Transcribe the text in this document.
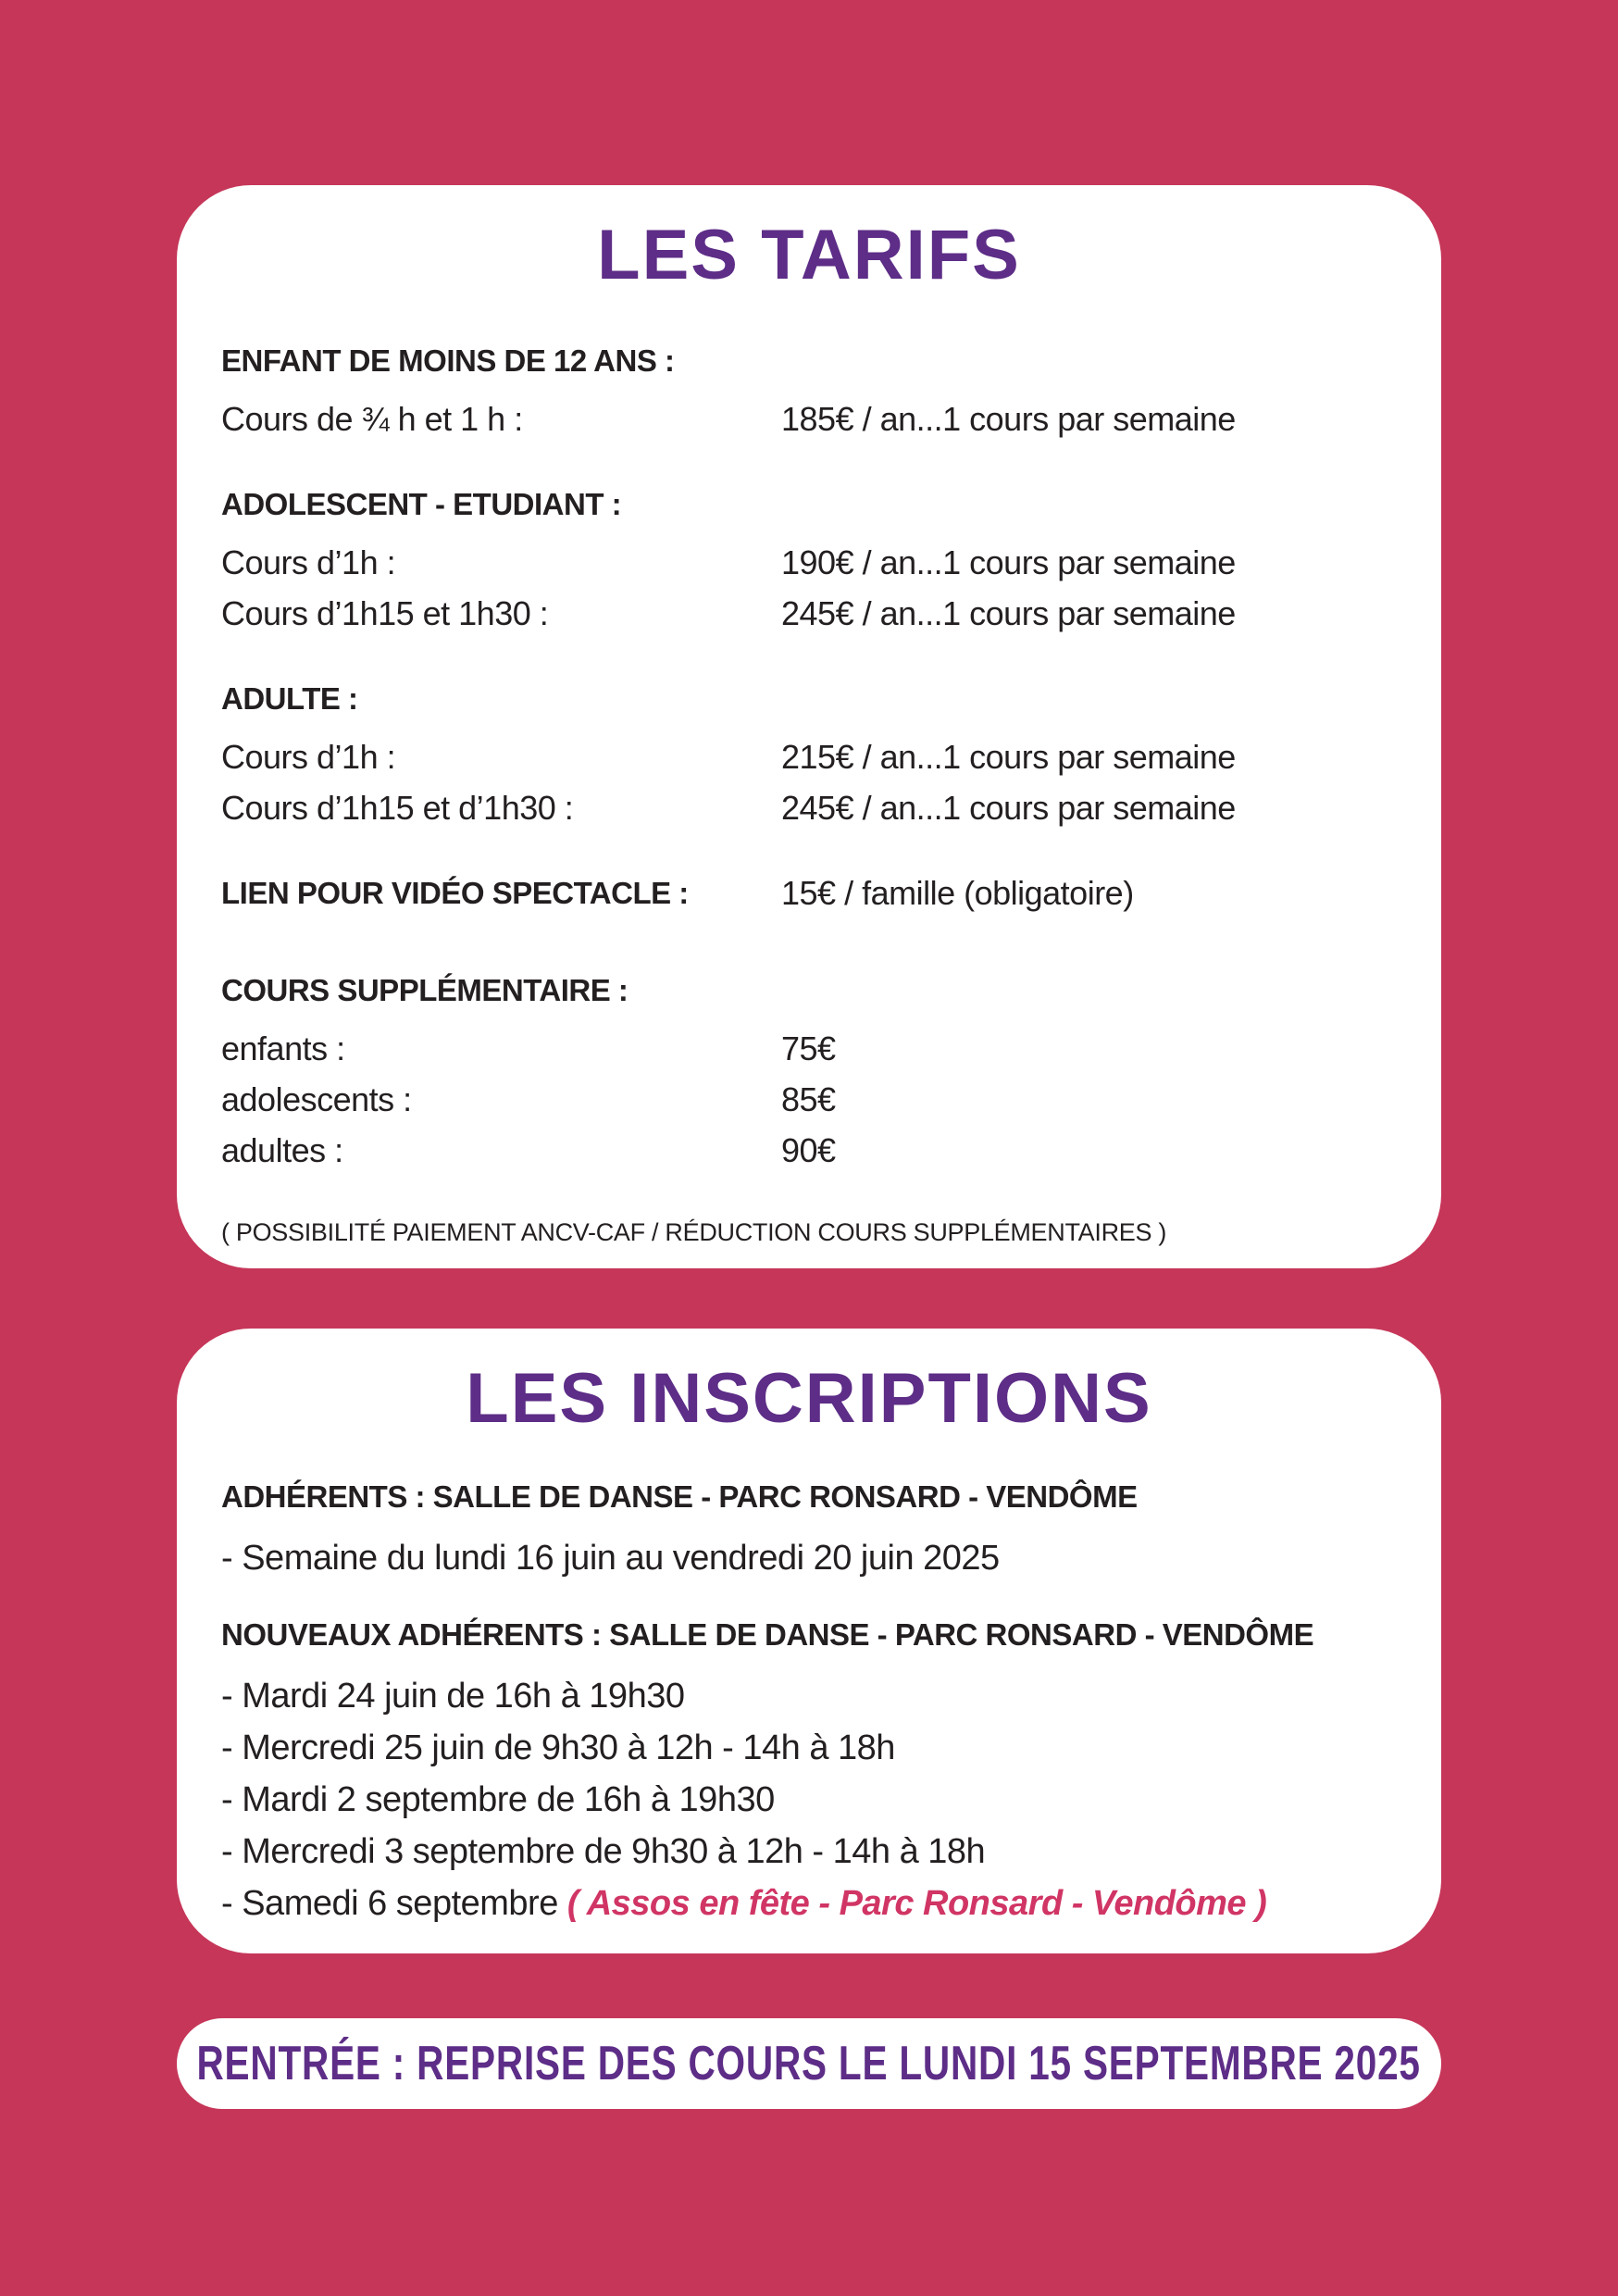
LES TARIFS
ENFANT DE MOINS DE 12 ANS :
Cours de ¾ h et 1 h :	185€ / an...1 cours par semaine
ADOLESCENT - ETUDIANT :
Cours d’1h :	190€ / an...1 cours par semaine
Cours d’1h15 et 1h30 :	245€ / an...1 cours par semaine
ADULTE :
Cours d’1h :	215€ / an...1 cours par semaine
Cours d’1h15 et d’1h30 :	245€ / an...1 cours par semaine
LIEN POUR VIDÉO SPECTACLE :	15€ / famille (obligatoire)
COURS SUPPLÉMENTAIRE :
enfants :	75€
adolescents :	85€
adultes :	90€
( POSSIBILITÉ PAIEMENT ANCV-CAF / RÉDUCTION COURS SUPPLÉMENTAIRES )
LES INSCRIPTIONS
ADHÉRENTS : SALLE DE DANSE - PARC RONSARD - VENDÔME
- Semaine du lundi 16 juin au vendredi 20 juin 2025
NOUVEAUX ADHÉRENTS : SALLE DE DANSE - PARC RONSARD - VENDÔME
- Mardi 24 juin de 16h à 19h30
- Mercredi 25 juin de 9h30 à 12h - 14h à 18h
- Mardi 2 septembre de 16h à 19h30
- Mercredi 3 septembre de 9h30 à 12h - 14h à 18h
- Samedi 6 septembre ( Assos en fête - Parc Ronsard - Vendôme )
RENTRÉE : REPRISE DES COURS LE LUNDI 15 SEPTEMBRE 2025
